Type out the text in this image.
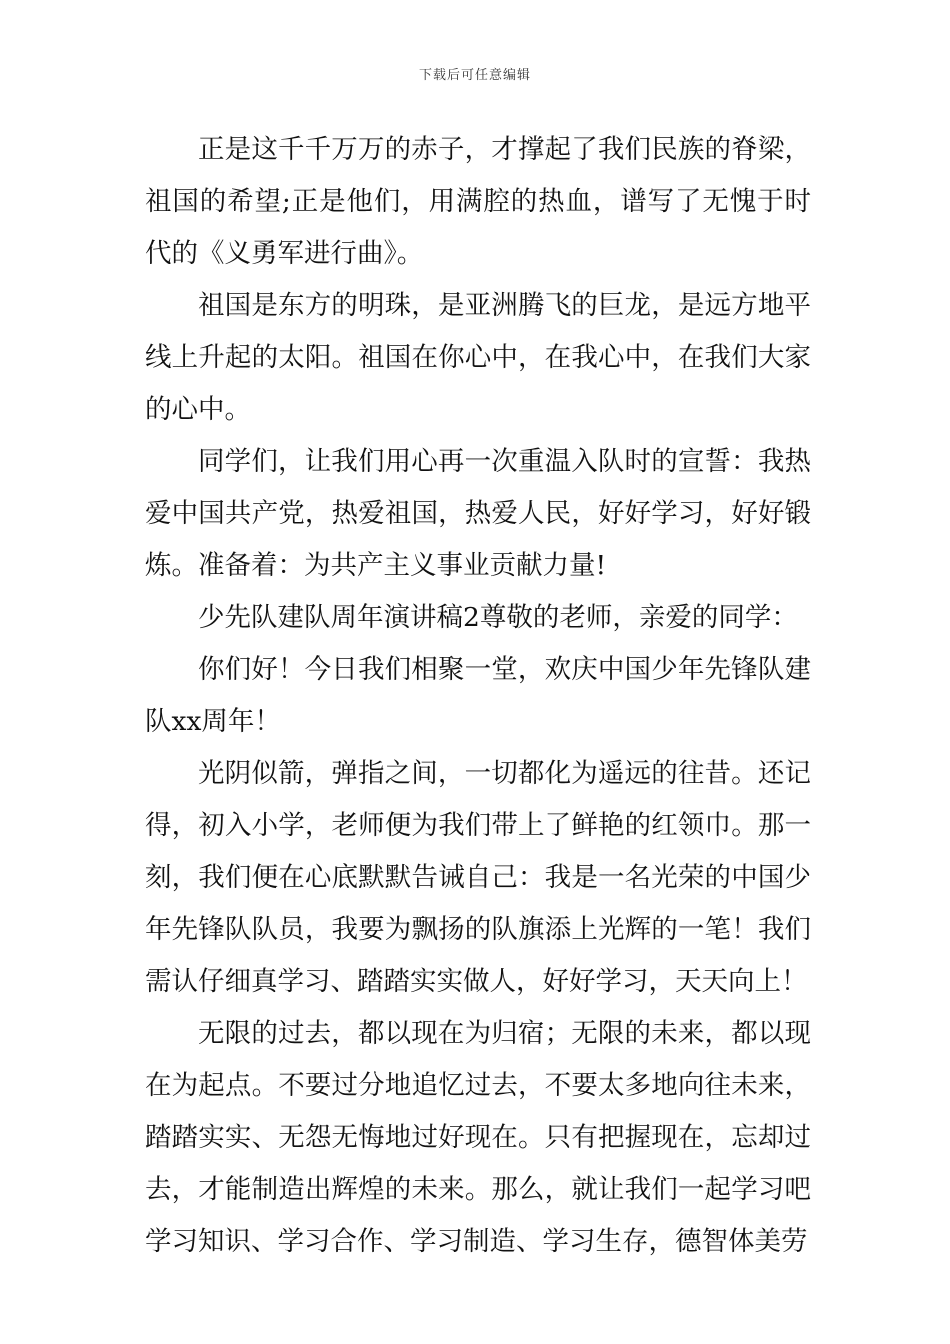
下载后可任意编辑

正是这千千万万的赤子，才撑起了我们民族的脊梁，祖国的希望;正是他们，用满腔的热血，谱写了无愧于时代的《义勇军进行曲》。

祖国是东方的明珠，是亚洲腾飞的巨龙，是远方地平线上升起的太阳。祖国在你心中，在我心中，在我们大家的心中。

同学们，让我们用心再一次重温入队时的宣誓：我热爱中国共产党，热爱祖国，热爱人民，好好学习，好好锻炼。准备着：为共产主义事业贡献力量!

少先队建队周年演讲稿2尊敬的老师，亲爱的同学：

你们好！今日我们相聚一堂，欢庆中国少年先锋队建队xx周年！

光阴似箭，弹指之间，一切都化为遥远的往昔。还记得，初入小学，老师便为我们带上了鲜艳的红领巾。那一刻，我们便在心底默默告诫自己：我是一名光荣的中国少年先锋队队员，我要为飘扬的队旗添上光辉的一笔！我们需认仔细真学习、踏踏实实做人，好好学习，天天向上！

无限的过去，都以现在为归宿；无限的未来，都以现在为起点。不要过分地追忆过去，不要太多地向往未来，踏踏实实、无怨无悔地过好现在。只有把握现在，忘却过去，才能制造出辉煌的未来。那么，就让我们一起学习吧学习知识、学习合作、学习制造、学习生存，德智体美劳
